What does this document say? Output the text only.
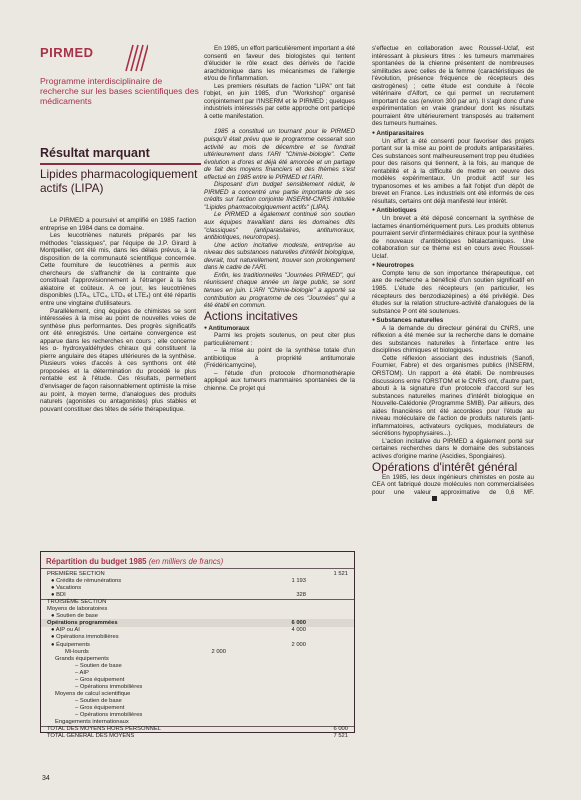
PIRMED
Programme interdisciplinaire de recherche sur les bases scientifiques des médicaments
Résultat marquant
Lipides pharmacologiquement actifs (LIPA)

Le PIRMED a poursuivi et amplifié en 1985 l'action entreprise en 1984 dans ce domaine.

Les leucotriènes naturels préparés par les méthodes "classiques", par l'équipe de J.P. Girard à Montpellier, ont été mis, dans les délais prévus, à la disposition de la communauté scientifique concernée. Cette fourniture de leucotriènes a permis aux chercheurs de s'affranchir de la contrainte que constituait l'approvisionnement à l'étranger à la fois aléatoire et coûteux. A ce jour, les leucotriènes disponibles (LTA₄, LTC₄, LTD₄ et LTE₄) ont été répartis entre une vingtaine d'utilisateurs.

Parallèlement, cinq équipes de chimistes se sont intéressées à la mise au point de nouvelles voies de synthèse plus performantes. Des progrès significatifs ont été enregistrés. Une certaine convergence est apparue dans les recherches en cours ; elle concerne les α- hydroxyaldéhydes chiraux qui constituent la pierre angulaire des étapes ultérieures de la synthèse. Plusieurs voies d'accès à ces synthons ont été proposées et la détermination du procédé le plus rentable est à l'étude. Ces résultats, permettent d'envisager de façon raisonnablement optimiste la mise au point, à moyen terme, d'analogues des produits naturels (agonistes ou antagonistes) plus stables et pouvant constituer des têtes de série thérapeutique.

En 1985, un effort particulièrement important a été consenti en faveur des biologistes qui tentent d'élucider le rôle exact des dérivés de l'acide arachidonique dans les mécanismes de l'allergie et/ou de l'inflammation.

Les premiers résultats de l'action "LIPA" ont fait l'objet, en juin 1985, d'un "Workshop" organisé conjointement par l'INSERM et le PIRMED ; quelques industriels intéressés par cette approche ont participé à cette manifestation.

1985 a constitué un tournant pour le PIRMED puisqu'il était prévu que le programme cesserait son activité au mois de décembre et se fondrait ultérieurement dans l'ARI "Chimie-biologie". Cette évolution a d'ores et déjà été amorcée et un partage de fait des moyens financiers et des thèmes s'est effectué en 1985 entre le PIRMED et l'ARI.

Disposant d'un budget sensiblement réduit, le PIRMED a concentré une partie importante de ses crédits sur l'action conjointe INSERM-CNRS intitulée "Lipides pharmacologiquement actifs" (LIPA).

Le PIRMED a également continué son soutien aux équipes travaillant dans les domaines dits "classiques" (antiparasitaires, antitumoraux, antibiotiques, neurotropes).

Une action incitative modeste, entreprise au niveau des substances naturelles d'intérêt biologique, devrait, tout naturellement, trouver son prolongement dans le cadre de l'ARI.

Enfin, les traditionnelles "Journées PIRMED", qui réunissent chaque année un large public, se sont tenues en juin. L'ARI "Chimie-biologie" a apporté sa contribution au programme de ces "Journées" qui a été établi en commun.

Actions incitatives

● Antitumoraux

Parmi les projets soutenus, on peut citer plus particulièrement :

– la mise au point de la synthèse totale d'un antibiotique à propriété antitumorale (Frédéricamycine),

– l'étude d'un protocole d'hormonothérapie appliqué aux tumeurs mammaires spontanées de la chienne. Ce projet qui

s'effectue en collaboration avec Roussel-Uclaf, est intéressant à plusieurs titres : les tumeurs mammaires spontanées de la chienne présentent de nombreuses similitudes avec celles de la femme (caractéristiques de l'évolution, présence fréquence de récepteurs des œstrogènes) ; cette étude est conduite à l'école vétérinaire d'Alfort, ce qui permet un recrutement important de cas (environ 300 par an). Il s'agit donc d'une expérimentation en vraie grandeur dont les résultats pourraient être ultérieurement transposés au traitement des tumeurs humaines.

● Antiparasitaires

Un effort a été consenti pour favoriser des projets portant sur la mise au point de produits antiparasitaires. Ces substances sont malheureusement trop peu étudiées pour des raisons qui tiennent, à la fois, au manque de rentabilité et à la difficulté de mettre en oeuvre des modèles expérimentaux. Un produit actif sur les trypanosomes et les amibes a fait l'objet d'un dépôt de brevet en France. Les industriels ont été informés de ces résultats, certains ont déjà manifesté leur intérêt.

● Antibiotiques

Un brevet a été déposé concernant la synthèse de lactames énantiomériquement purs. Les produits obtenus pourraient servir d'intermédiaires chiraux pour la synthèse de nouveaux d'antibiotiques bêtalactamiques. Une collaboration sur ce thème est en cours avec Roussel-Uclaf.

● Neurotropes

Compte tenu de son importance thérapeutique, cet axe de recherche a bénéficié d'un soutien significatif en 1985. L'étude des récepteurs (en particulier, les récepteurs des benzodiazépines) a été privilégié. Des études sur la relation structure-activité d'analogues de la substance P ont été soutenues.

● Substances naturelles

A la demande du directeur général du CNRS, une réflexion a été menée sur la recherche dans le domaine des substances naturelles à l'interface entre les disciplines chimiques et biologiques.

Cette réflexion associant des industriels (Sanofi, Fournier, Fabre) et des organismes publics (INSERM, ORSTOM). Un rapport a été établi. De nombreuses discussions entre l'ORSTOM et le CNRS ont, d'autre part, abouti à la signature d'un protocole d'accord sur les substances naturelles marines d'intérêt biologique en Nouvelle-Calédonie (Programme SMIB). Par ailleurs, des aides financières ont été accordées pour l'étude au niveau moléculaire de l'action de produits naturels (anti-inflammatoires, activateurs cycliques, modulateurs de sécrétions hypophysaires...).

L'action incitative du PIRMED a également porté sur certaines recherches dans le domaine des substances actives d'origine marine (Ascidies, Spongiaires).

Opérations d'intérêt général

En 1985, les deux ingénieurs chimistes en poste au CEA ont fabriqué douze molécules non commercialisées pour une valeur approximative de 0,6 MF.

Répartition du budget 1985 (en milliers de francs)
PREMIÈRE SECTION	1 521
● Crédits de rémunérations	1 193
● Vacations
● BDI	328
TROISIÈME SECTION
Moyens de laboratoires
● Soutien de base
Opérations programmées	6 000
● AIP ou AI	4 000
● Opérations immobilières
● Équipements	2 000
Mi-lourds	2 000
Grands équipements
– Soutien de base
– AIP
– Gros équipement
– Opérations immobilières
Moyens de calcul scientifique
– Soutien de base
– Gros équipement
– Opérations immobilières
Engagements internationaux
TOTAL DES MOYENS HORS PERSONNEL	6 000
TOTAL GÉNÉRAL DES MOYENS	7 521
34
